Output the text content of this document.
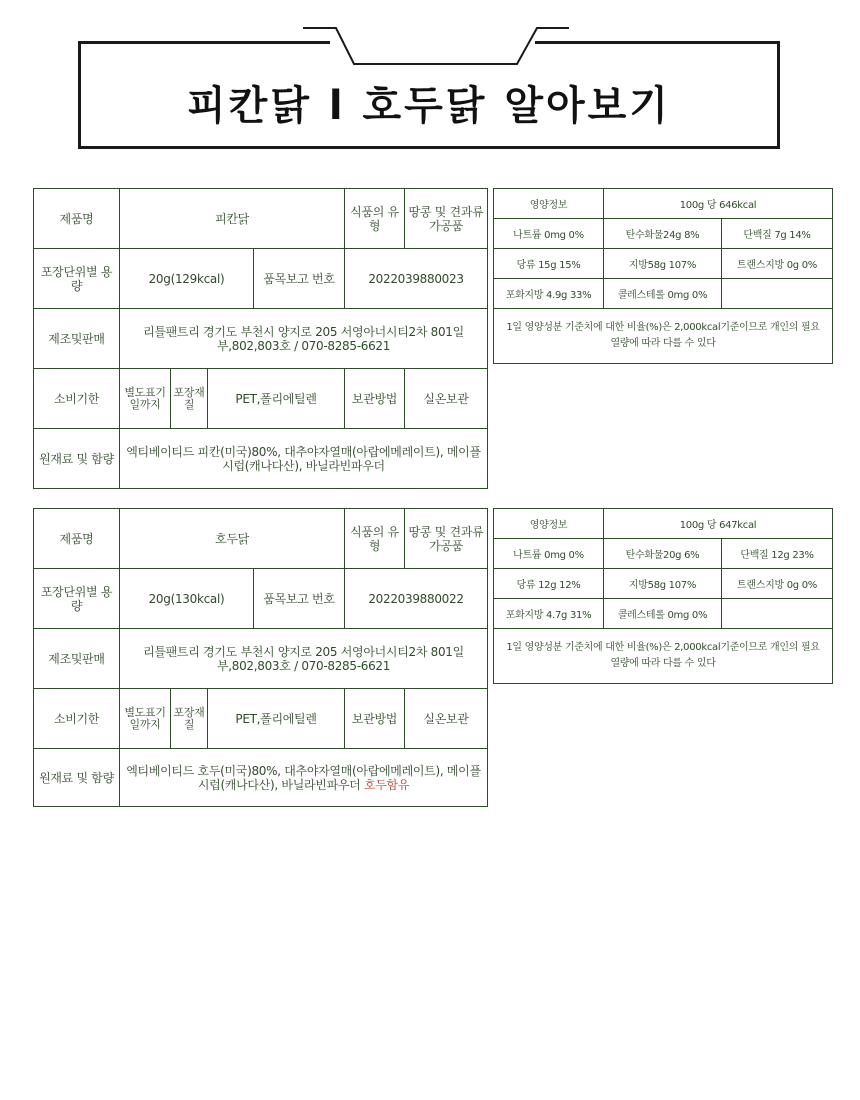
피칸닭 l 호두닭 알아보기
제품명	피칸닭				식품의 유형	땅콩 및 견과류가공품
포장단위별 용량	20g(129kcal)			품목보고 번호	2022039880023	
제조및판매	리틀팬트리 경기도 부천시 양지로 205 서영아너시티2차 801일부,802,803호 / 070-8285-6621					
소비기한	별도표기 일까지	포장재 질	PET,폴리에틸렌		보관방법	실온보관
원재료 및 함량	엑티베이티드 피칸(미국)80%, 대추야자열매(아랍에메레이트), 메이플시럽(캐나다산), 바닐라빈파우더					
영양정보	100g 당 646kcal	
나트륨 0mg 0%	탄수화물24g 8%	단백질 7g 14%
당류 15g 15%	지방58g 107%	트랜스지방 0g 0%
포화지방 4.9g 33%	콜레스테롤 0mg 0%	
1일 영양성분 기준치에 대한 비율(%)은 2,000kcal기준이므로 개인의 필요 열량에 따라 다를 수 있다		
제품명	호두닭				식품의 유형	땅콩 및 견과류가공품
포장단위별 용량	20g(130kcal)			품목보고 번호	2022039880022	
제조및판매	리틀팬트리 경기도 부천시 양지로 205 서영아너시티2차 801일부,802,803호 / 070-8285-6621					
소비기한	별도표기 일까지	포장재 질	PET,폴리에틸렌		보관방법	실온보관
원재료 및 함량	엑티베이티드 호두(미국)80%, 대추야자열매(아랍에메레이트), 메이플시럽(캐나다산), 바닐라빈파우더 호두함유					
영양정보	100g 당 647kcal	
나트륨 0mg 0%	탄수화물20g 6%	단백질 12g 23%
당류 12g 12%	지방58g 107%	트랜스지방 0g 0%
포화지방 4.7g 31%	콜레스테롤 0mg 0%	
1일 영양성분 기준치에 대한 비율(%)은 2,000kcal기준이므로 개인의 필요 열량에 따라 다를 수 있다		
